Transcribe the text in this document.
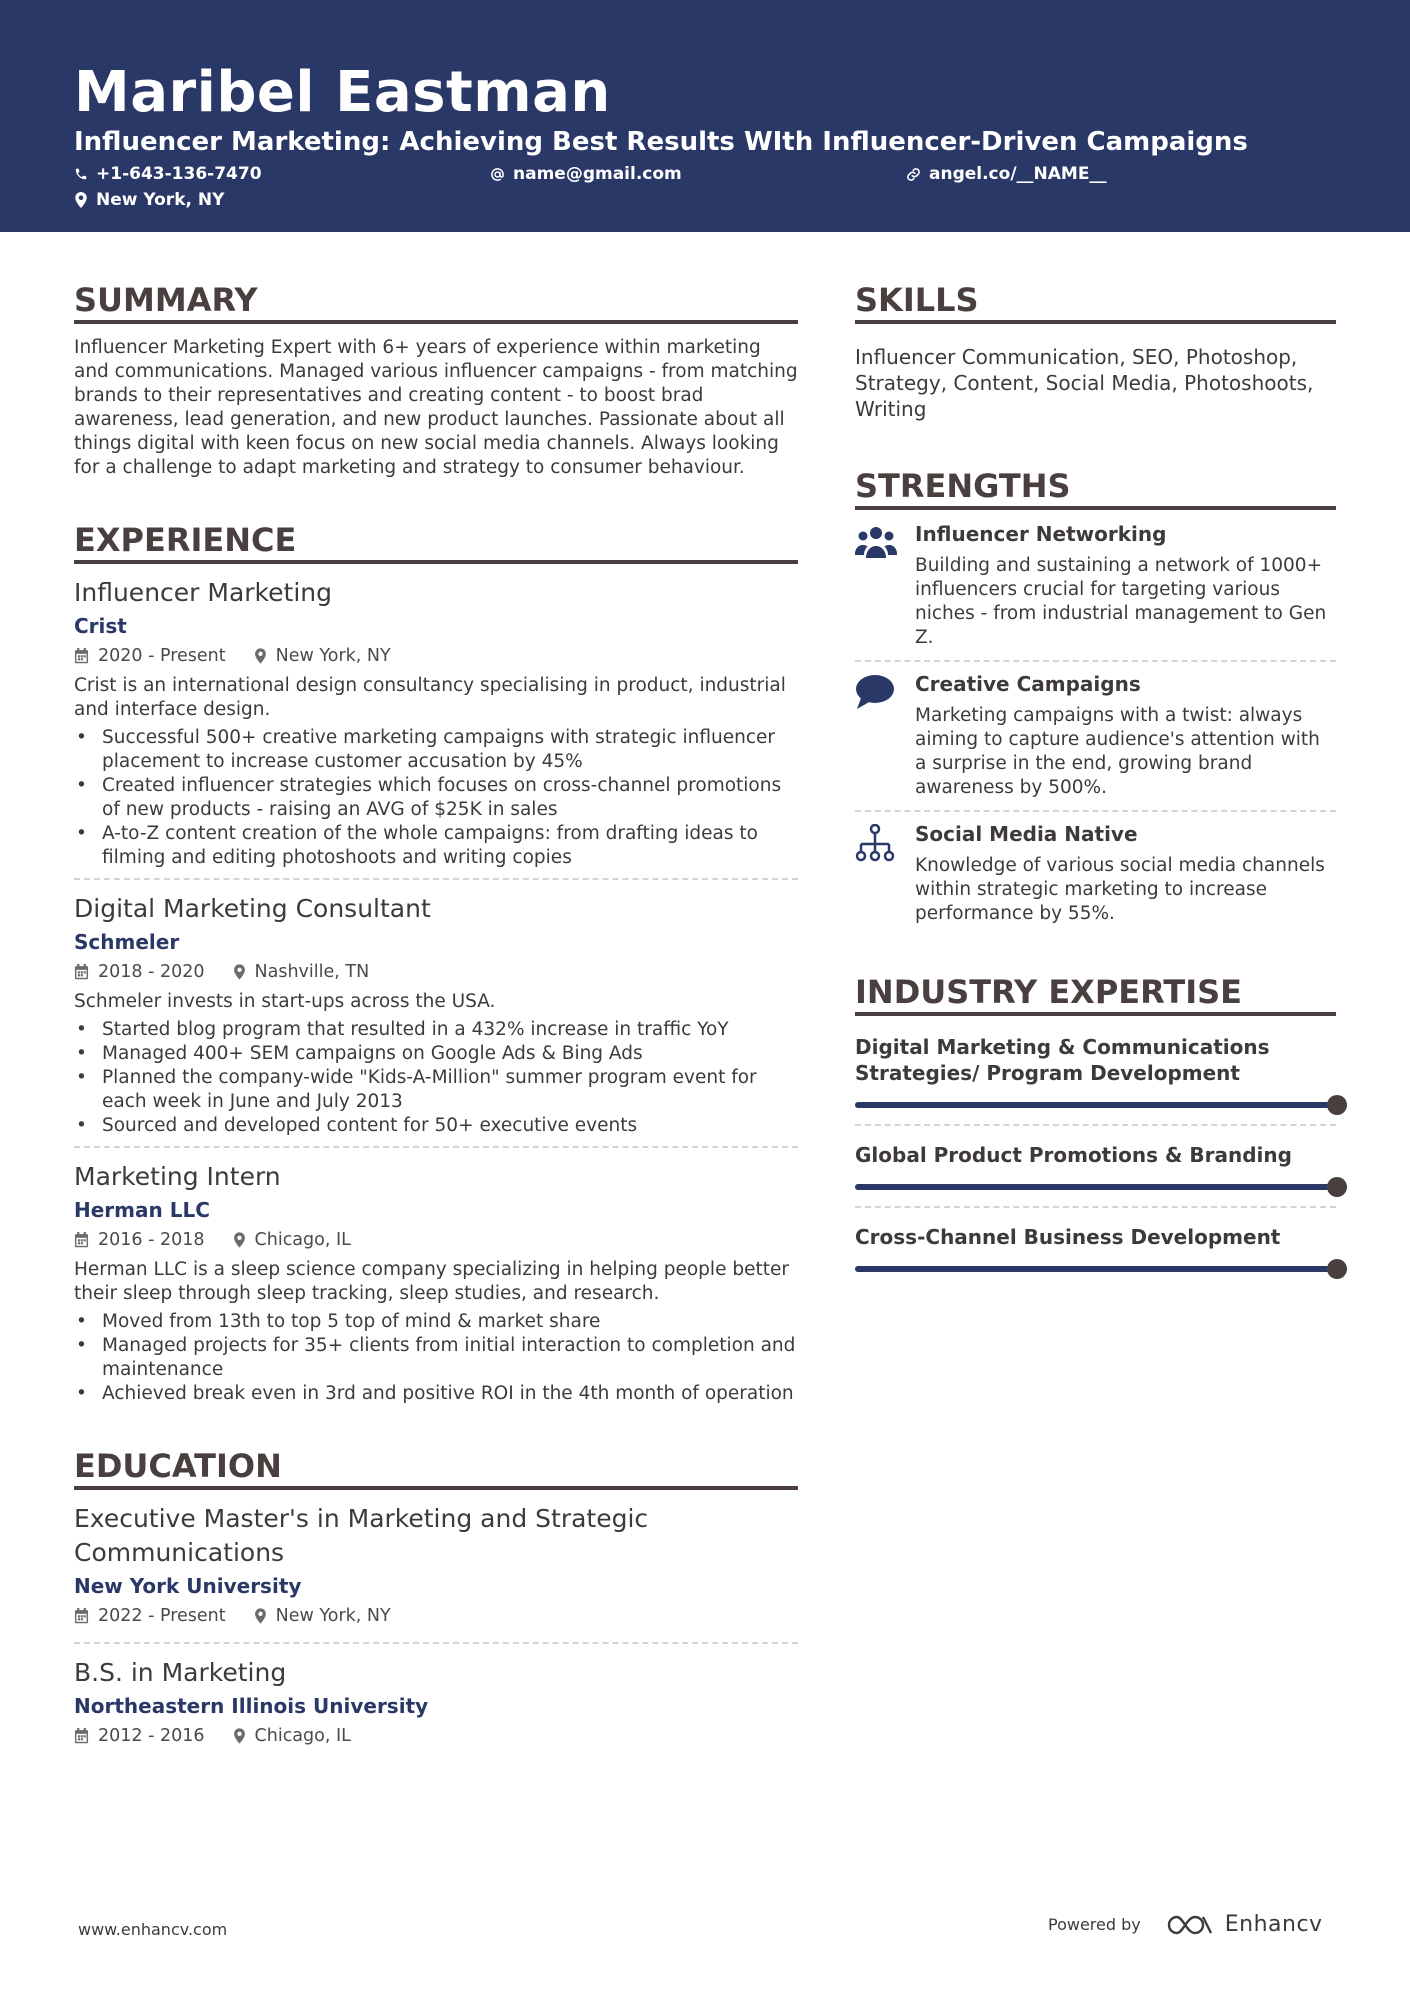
Maribel Eastman
Influencer Marketing: Achieving Best Results WIth Influencer-Driven Campaigns
+1-643-136-7470	name@gmail.com	angel.co/__NAME__
New York, NY
SUMMARY
Influencer Marketing Expert with 6+ years of experience within marketing and communications. Managed various influencer campaigns - from matching brands to their representatives and creating content - to boost brad awareness, lead generation, and new product launches. Passionate about all things digital with keen focus on new social media channels. Always looking for a challenge to adapt marketing and strategy to consumer behaviour.
EXPERIENCE
Influencer Marketing
Crist
2020 - Present	New York, NY
Crist is an international design consultancy specialising in product, industrial and interface design.
• Successful 500+ creative marketing campaigns with strategic influencer placement to increase customer accusation by 45%
• Created influencer strategies which focuses on cross-channel promotions of new products - raising an AVG of $25K in sales
• A-to-Z content creation of the whole campaigns: from drafting ideas to filming and editing photoshoots and writing copies
Digital Marketing Consultant
Schmeler
2018 - 2020	Nashville, TN
Schmeler invests in start-ups across the USA.
• Started blog program that resulted in a 432% increase in traffic YoY
• Managed 400+ SEM campaigns on Google Ads & Bing Ads
• Planned the company-wide "Kids-A-Million" summer program event for each week in June and July 2013
• Sourced and developed content for 50+ executive events
Marketing Intern
Herman LLC
2016 - 2018	Chicago, IL
Herman LLC is a sleep science company specializing in helping people better their sleep through sleep tracking, sleep studies, and research.
• Moved from 13th to top 5 top of mind & market share
• Managed projects for 35+ clients from initial interaction to completion and maintenance
• Achieved break even in 3rd and positive ROI in the 4th month of operation
EDUCATION
Executive Master's in Marketing and Strategic Communications
New York University
2022 - Present	New York, NY
B.S. in Marketing
Northeastern Illinois University
2012 - 2016	Chicago, IL
SKILLS
Influencer Communication, SEO, Photoshop, Strategy, Content, Social Media, Photoshoots, Writing
STRENGTHS
Influencer Networking
Building and sustaining a network of 1000+ influencers crucial for targeting various niches - from industrial management to Gen Z.
Creative Campaigns
Marketing campaigns with a twist: always aiming to capture audience's attention with a surprise in the end, growing brand awareness by 500%.
Social Media Native
Knowledge of various social media channels within strategic marketing to increase performance by 55%.
INDUSTRY EXPERTISE
Digital Marketing & Communications Strategies/ Program Development
Global Product Promotions & Branding
Cross-Channel Business Development
www.enhancv.com	Powered by	Enhancv
